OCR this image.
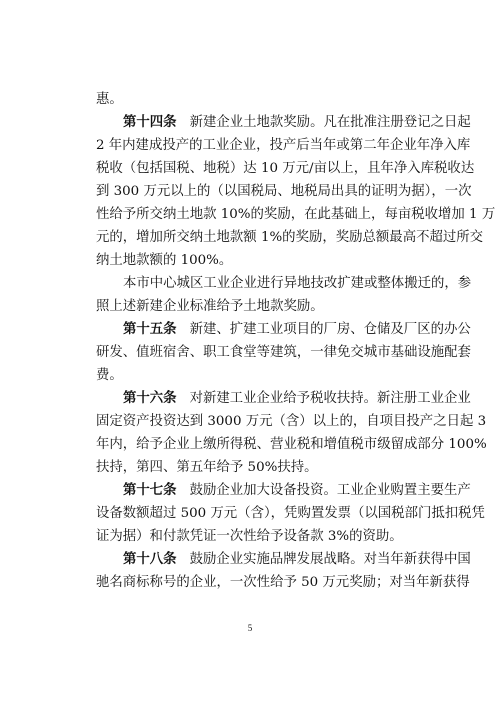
惠。
第十四条 新建企业土地款奖励。凡在批准注册登记之日起
2 年内建成投产的工业企业，投产后当年或第二年企业年净入库
税收（包括国税、地税）达 10 万元/亩以上，且年净入库税收达
到 300 万元以上的（以国税局、地税局出具的证明为据），一次
性给予所交纳土地款 10%的奖励，在此基础上，每亩税收增加 1 万
元的，增加所交纳土地款额 1%的奖励，奖励总额最高不超过所交
纳土地款额的 100%。
本市中心城区工业企业进行异地技改扩建或整体搬迁的，参
照上述新建企业标准给予土地款奖励。
第十五条 新建、扩建工业项目的厂房、仓储及厂区的办公
研发、值班宿舍、职工食堂等建筑，一律免交城市基础设施配套
费。
第十六条 对新建工业企业给予税收扶持。新注册工业企业
固定资产投资达到 3000 万元（含）以上的，自项目投产之日起 3
年内，给予企业上缴所得税、营业税和增值税市级留成部分 100%
扶持，第四、第五年给予 50%扶持。
第十七条 鼓励企业加大设备投资。工业企业购置主要生产
设备数额超过 500 万元（含），凭购置发票（以国税部门抵扣税凭
证为据）和付款凭证一次性给予设备款 3%的资助。
第十八条 鼓励企业实施品牌发展战略。对当年新获得中国
驰名商标称号的企业，一次性给予 50 万元奖励；对当年新获得
5
